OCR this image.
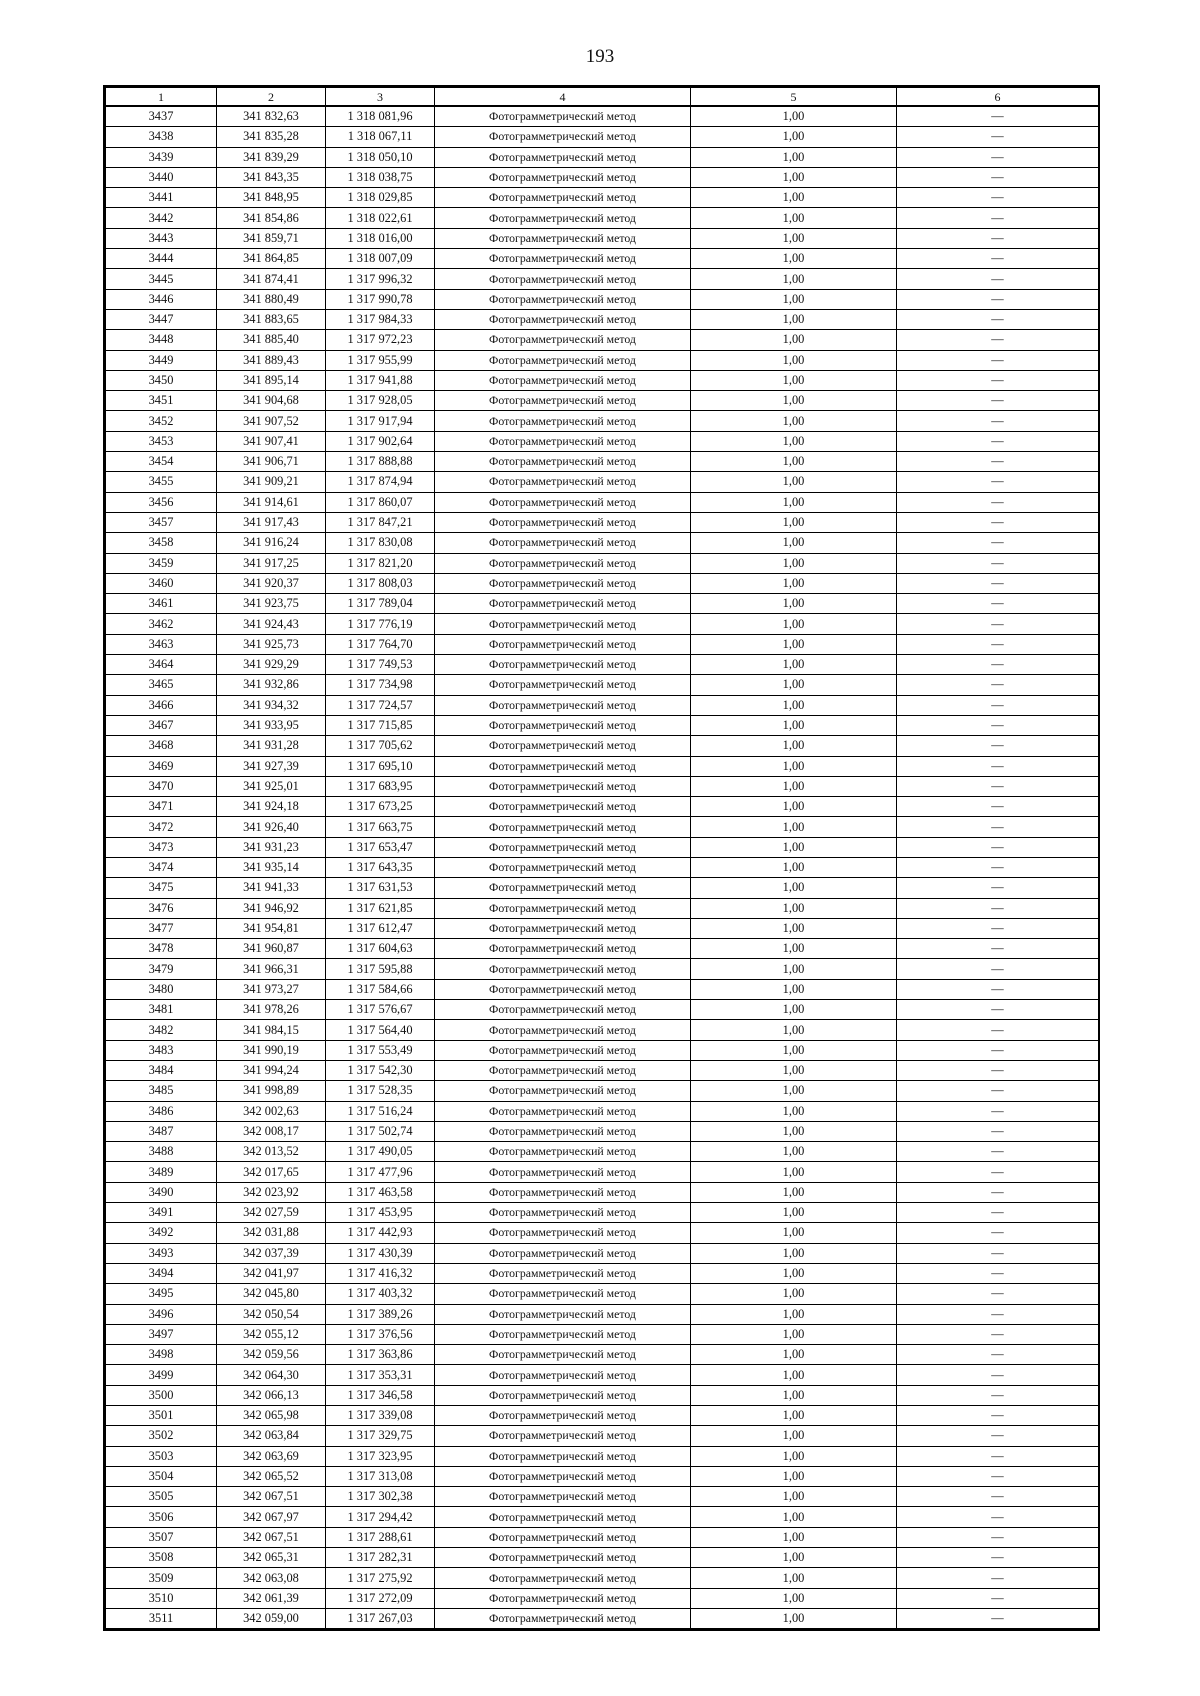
193
1	2	3	4	5	6
3437	341 832,63	1 318 081,96	Фотограмметрический метод	1,00	—
3438	341 835,28	1 318 067,11	Фотограмметрический метод	1,00	—
3439	341 839,29	1 318 050,10	Фотограмметрический метод	1,00	—
3440	341 843,35	1 318 038,75	Фотограмметрический метод	1,00	—
3441	341 848,95	1 318 029,85	Фотограмметрический метод	1,00	—
3442	341 854,86	1 318 022,61	Фотограмметрический метод	1,00	—
3443	341 859,71	1 318 016,00	Фотограмметрический метод	1,00	—
3444	341 864,85	1 318 007,09	Фотограмметрический метод	1,00	—
3445	341 874,41	1 317 996,32	Фотограмметрический метод	1,00	—
3446	341 880,49	1 317 990,78	Фотограмметрический метод	1,00	—
3447	341 883,65	1 317 984,33	Фотограмметрический метод	1,00	—
3448	341 885,40	1 317 972,23	Фотограмметрический метод	1,00	—
3449	341 889,43	1 317 955,99	Фотограмметрический метод	1,00	—
3450	341 895,14	1 317 941,88	Фотограмметрический метод	1,00	—
3451	341 904,68	1 317 928,05	Фотограмметрический метод	1,00	—
3452	341 907,52	1 317 917,94	Фотограмметрический метод	1,00	—
3453	341 907,41	1 317 902,64	Фотограмметрический метод	1,00	—
3454	341 906,71	1 317 888,88	Фотограмметрический метод	1,00	—
3455	341 909,21	1 317 874,94	Фотограмметрический метод	1,00	—
3456	341 914,61	1 317 860,07	Фотограмметрический метод	1,00	—
3457	341 917,43	1 317 847,21	Фотограмметрический метод	1,00	—
3458	341 916,24	1 317 830,08	Фотограмметрический метод	1,00	—
3459	341 917,25	1 317 821,20	Фотограмметрический метод	1,00	—
3460	341 920,37	1 317 808,03	Фотограмметрический метод	1,00	—
3461	341 923,75	1 317 789,04	Фотограмметрический метод	1,00	—
3462	341 924,43	1 317 776,19	Фотограмметрический метод	1,00	—
3463	341 925,73	1 317 764,70	Фотограмметрический метод	1,00	—
3464	341 929,29	1 317 749,53	Фотограмметрический метод	1,00	—
3465	341 932,86	1 317 734,98	Фотограмметрический метод	1,00	—
3466	341 934,32	1 317 724,57	Фотограмметрический метод	1,00	—
3467	341 933,95	1 317 715,85	Фотограмметрический метод	1,00	—
3468	341 931,28	1 317 705,62	Фотограмметрический метод	1,00	—
3469	341 927,39	1 317 695,10	Фотограмметрический метод	1,00	—
3470	341 925,01	1 317 683,95	Фотограмметрический метод	1,00	—
3471	341 924,18	1 317 673,25	Фотограмметрический метод	1,00	—
3472	341 926,40	1 317 663,75	Фотограмметрический метод	1,00	—
3473	341 931,23	1 317 653,47	Фотограмметрический метод	1,00	—
3474	341 935,14	1 317 643,35	Фотограмметрический метод	1,00	—
3475	341 941,33	1 317 631,53	Фотограмметрический метод	1,00	—
3476	341 946,92	1 317 621,85	Фотограмметрический метод	1,00	—
3477	341 954,81	1 317 612,47	Фотограмметрический метод	1,00	—
3478	341 960,87	1 317 604,63	Фотограмметрический метод	1,00	—
3479	341 966,31	1 317 595,88	Фотограмметрический метод	1,00	—
3480	341 973,27	1 317 584,66	Фотограмметрический метод	1,00	—
3481	341 978,26	1 317 576,67	Фотограмметрический метод	1,00	—
3482	341 984,15	1 317 564,40	Фотограмметрический метод	1,00	—
3483	341 990,19	1 317 553,49	Фотограмметрический метод	1,00	—
3484	341 994,24	1 317 542,30	Фотограмметрический метод	1,00	—
3485	341 998,89	1 317 528,35	Фотограмметрический метод	1,00	—
3486	342 002,63	1 317 516,24	Фотограмметрический метод	1,00	—
3487	342 008,17	1 317 502,74	Фотограмметрический метод	1,00	—
3488	342 013,52	1 317 490,05	Фотограмметрический метод	1,00	—
3489	342 017,65	1 317 477,96	Фотограмметрический метод	1,00	—
3490	342 023,92	1 317 463,58	Фотограмметрический метод	1,00	—
3491	342 027,59	1 317 453,95	Фотограмметрический метод	1,00	—
3492	342 031,88	1 317 442,93	Фотограмметрический метод	1,00	—
3493	342 037,39	1 317 430,39	Фотограмметрический метод	1,00	—
3494	342 041,97	1 317 416,32	Фотограмметрический метод	1,00	—
3495	342 045,80	1 317 403,32	Фотограмметрический метод	1,00	—
3496	342 050,54	1 317 389,26	Фотограмметрический метод	1,00	—
3497	342 055,12	1 317 376,56	Фотограмметрический метод	1,00	—
3498	342 059,56	1 317 363,86	Фотограмметрический метод	1,00	—
3499	342 064,30	1 317 353,31	Фотограмметрический метод	1,00	—
3500	342 066,13	1 317 346,58	Фотограмметрический метод	1,00	—
3501	342 065,98	1 317 339,08	Фотограмметрический метод	1,00	—
3502	342 063,84	1 317 329,75	Фотограмметрический метод	1,00	—
3503	342 063,69	1 317 323,95	Фотограмметрический метод	1,00	—
3504	342 065,52	1 317 313,08	Фотограмметрический метод	1,00	—
3505	342 067,51	1 317 302,38	Фотограмметрический метод	1,00	—
3506	342 067,97	1 317 294,42	Фотограмметрический метод	1,00	—
3507	342 067,51	1 317 288,61	Фотограмметрический метод	1,00	—
3508	342 065,31	1 317 282,31	Фотограмметрический метод	1,00	—
3509	342 063,08	1 317 275,92	Фотограмметрический метод	1,00	—
3510	342 061,39	1 317 272,09	Фотограмметрический метод	1,00	—
3511	342 059,00	1 317 267,03	Фотограмметрический метод	1,00	—
